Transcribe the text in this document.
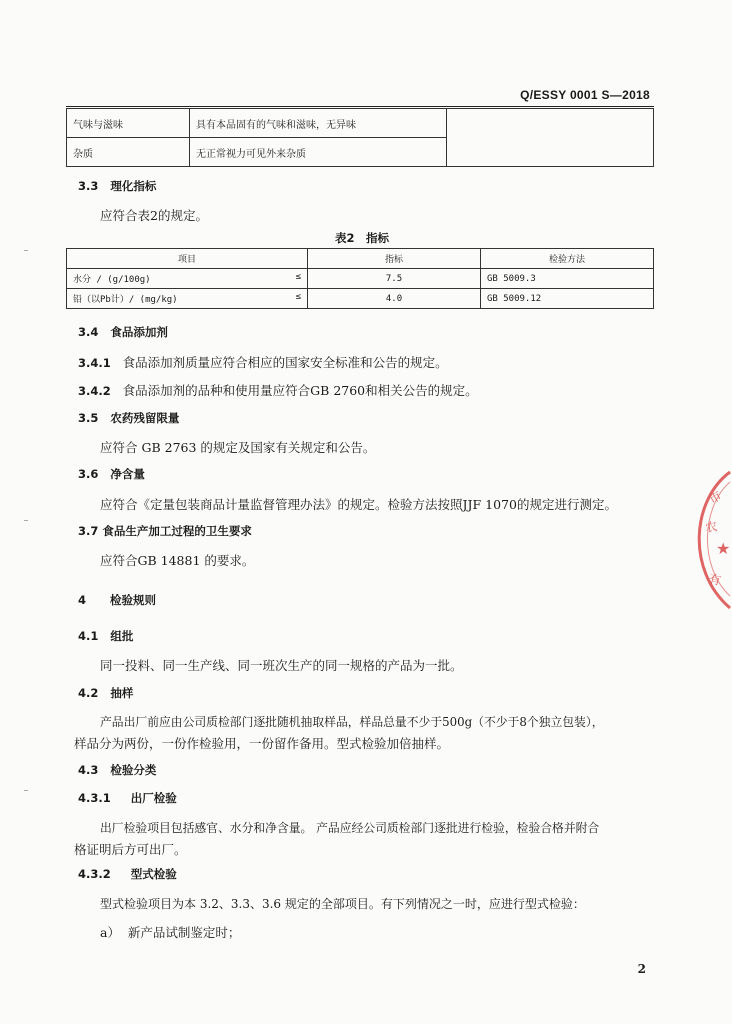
Q/ESSY 0001 S—2018
气味与滋味	具有本品固有的气味和滋味，无异味	
杂质	无正常视力可见外来杂质	
3.3 理化指标
应符合表2的规定。
表2　指标
项目	指标	检验方法

水分 / (g/100g) ≤	7.5	GB 5009.3

铅（以Pb计）/ (mg/kg) ≤	4.0	GB 5009.12
3.4 食品添加剂
3.4.1 食品添加剂质量应符合相应的国家安全标准和公告的规定。
3.4.2 食品添加剂的品种和使用量应符合GB 2760和相关公告的规定。
3.5 农药残留限量
应符合 GB 2763 的规定及国家有关规定和公告。
3.6 净含量
应符合《定量包装商品计量监督管理办法》的规定。检验方法按照JJF 1070的规定进行测定。
3.7 食品生产加工过程的卫生要求
应符合GB 14881 的要求。
4 检验规则
4.1 组批
同一投料、同一生产线、同一班次生产的同一规格的产品为一批。
4.2 抽样
产品出厂前应由公司质检部门逐批随机抽取样品，样品总量不少于500g（不少于8个独立包装），
样品分为两份，一份作检验用，一份留作备用。型式检验加倍抽样。
4.3 检验分类
4.3.1 出厂检验
出厂检验项目包括感官、水分和净含量。 产品应经公司质检部门逐批进行检验，检验合格并附合
格证明后方可出厂。
4.3.2 型式检验
型式检验项目为本 3.2、3.3、3.6 规定的全部项目。有下列情况之一时，应进行型式检验：
a） 新产品试制鉴定时；
2
市
农
★
有
